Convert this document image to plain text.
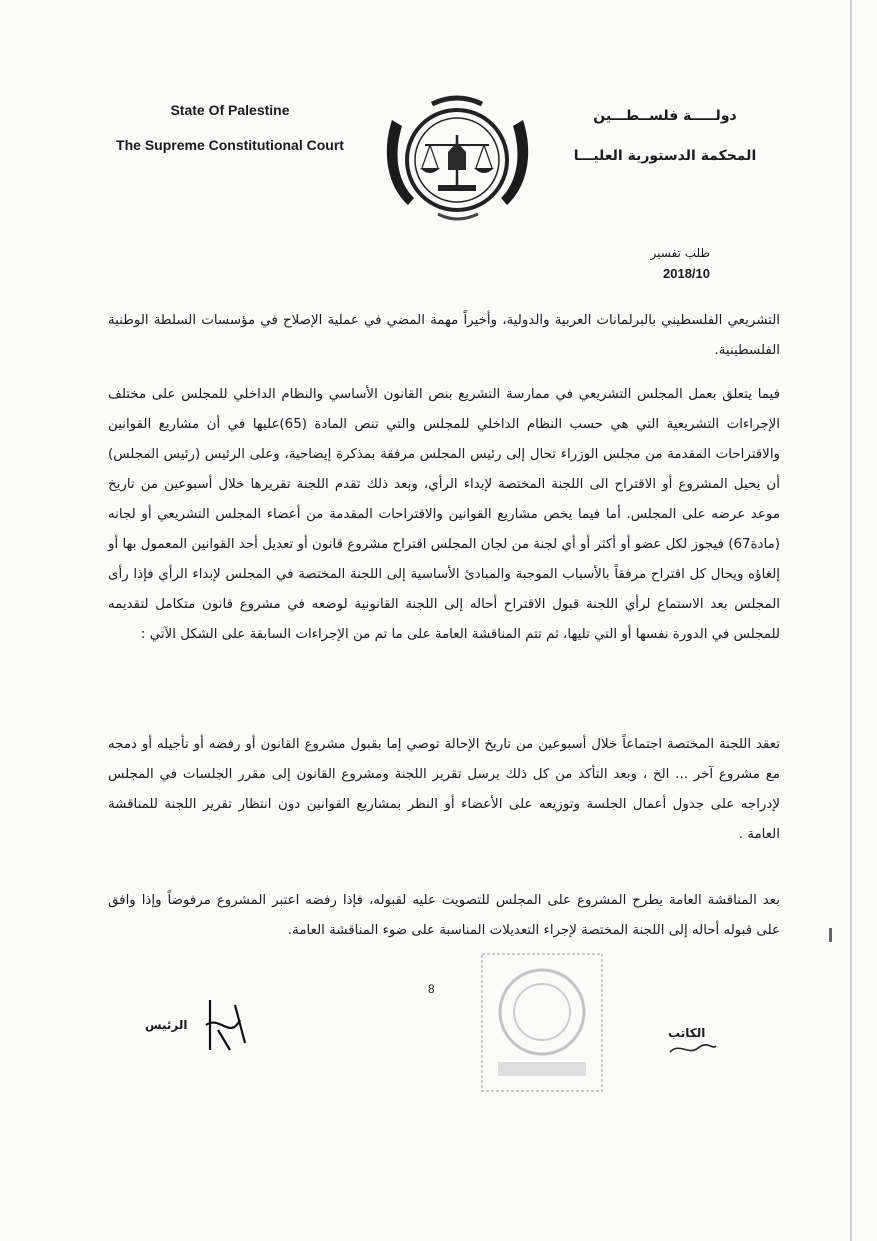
State Of Palestine
The Supreme Constitutional Court
دولـــــة فلســطـــين
المحكمة الدستورية العليـــا
طلب تفسير
2018/10

التشريعي الفلسطيني بالبرلمانات العربية والدولية، وأخيراً مهمة المضي في عملية الإصلاح في مؤسسات السلطة الوطنية الفلسطينية.

فيما يتعلق بعمل المجلس التشريعي في ممارسة التشريع بنص القانون الأساسي والنظام الداخلي للمجلس على مختلف الإجراءات التشريعية التي هي حسب النظام الداخلي للمجلس والتي تنص المادة (65)عليها في أن مشاريع القوانين والاقتراحات المقدمة من مجلس الوزراء تحال إلى رئيس المجلس مرفقة بمذكرة إيضاحية، وعلى الرئيس (رئيس المجلس) أن يحيل المشروع أو الاقتراح الى اللجنة المختصة لإبداء الرأي، وبعد ذلك تقدم اللجنة تقريرها خلال أسبوعين من تاريخ موعد عرضه على المجلس. أما فيما يخص مشاريع القوانين والاقتراحات المقدمة من أعضاء المجلس التشريعي أو لجانه (مادة67) فيجوز لكل عضو أو أكثر أو أي لجنة من لجان المجلس اقتراح مشروع قانون أو تعديل أحد القوانين المعمول بها أو إلغاؤه ويحال كل اقتراح مرفقاً بالأسباب الموجبة والمبادئ الأساسية إلى اللجنة المختصة في المجلس لإبداء الرأي فإذا رأى المجلس بعد الاستماع لرأي اللجنة قبول الاقتراح أحاله إلى اللجنة القانونية لوضعه في مشروع قانون متكامل لتقديمه للمجلس في الدورة نفسها أو التي تليها، ثم تتم المناقشة العامة على ما تم من الإجراءات السابقة على الشكل الآتي :

تعقد اللجنة المختصة اجتماعاً خلال أسبوعين من تاريخ الإحالة توصي إما بقبول مشروع القانون أو رفضه أو تأجيله أو دمجه مع مشروع آخر ... الخ ، وبعد التأكد من كل ذلك يرسل تقرير اللجنة ومشروع القانون إلى مقرر الجلسات في المجلس لإدراجه على جدول أعمال الجلسة وتوزيعه على الأعضاء أو النظر بمشاريع القوانين دون انتظار تقرير اللجنة للمناقشة العامة .

بعد المناقشة العامة يطرح المشروع على المجلس للتصويت عليه لقبوله، فإذا رفضه اعتبر المشروع مرفوضاً وإذا وافق على قبوله أحاله إلى اللجنة المختصة لإجراء التعديلات المناسبة على ضوء المناقشة العامة.

8
الرئيس
الكاتب
